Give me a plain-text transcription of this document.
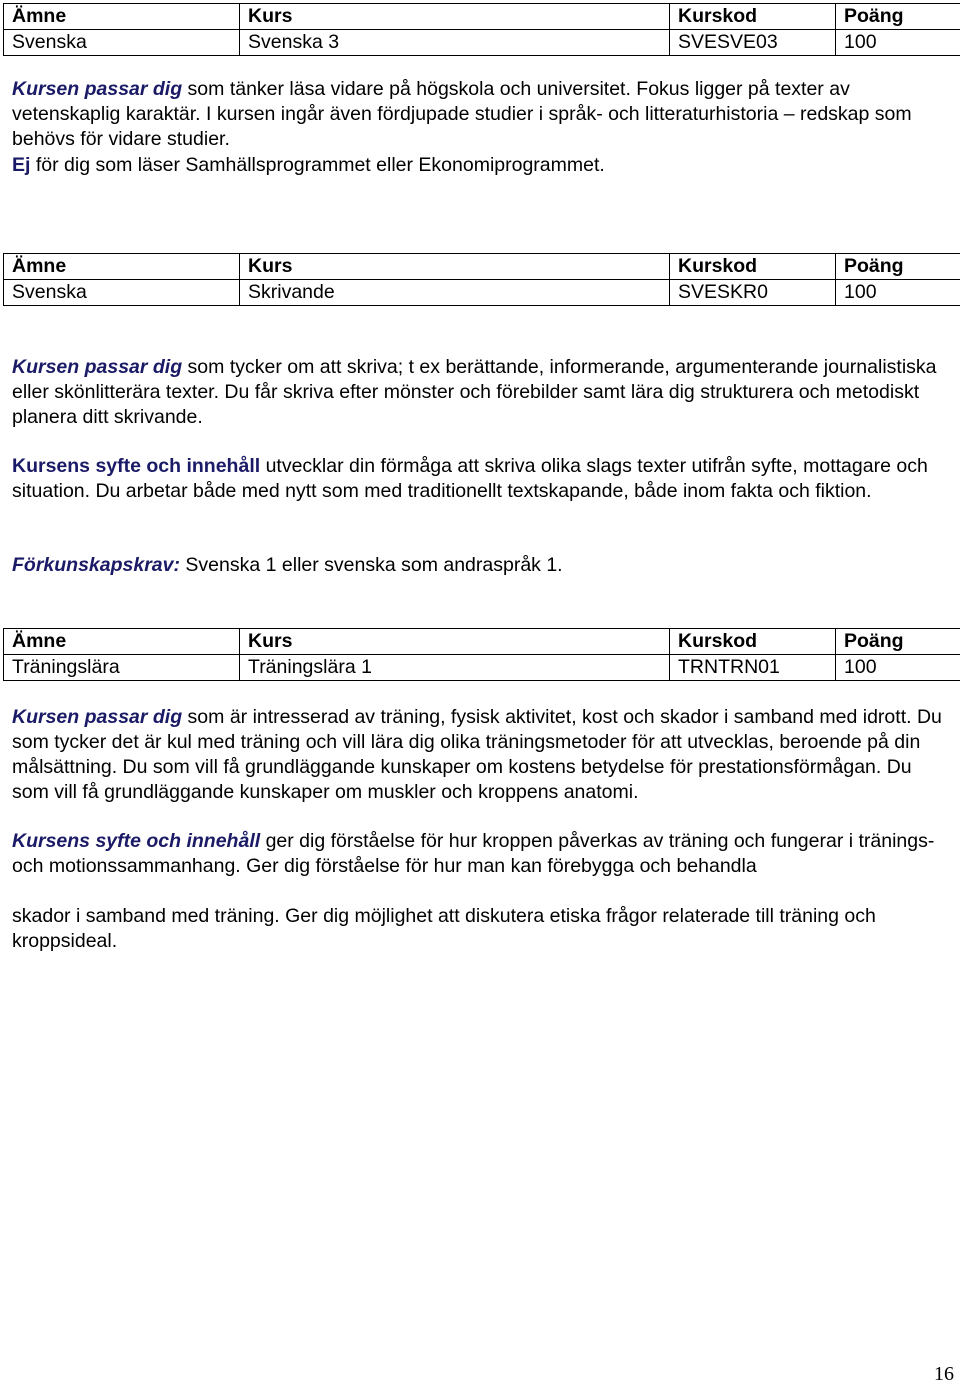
Ämne	Kurs	Kurskod	Poäng
Svenska	Svenska 3	SVESVE03	100

Kursen passar dig som tänker läsa vidare på högskola och universitet. Fokus ligger på texter av vetenskaplig karaktär. I kursen ingår även fördjupade studier i språk- och litteraturhistoria – redskap som behövs för vidare studier.

Ej för dig som läser Samhällsprogrammet eller Ekonomiprogrammet.

Ämne	Kurs	Kurskod	Poäng
Svenska	Skrivande	SVESKR0	100

Kursen passar dig som tycker om att skriva; t ex berättande, informerande, argumenterande journalistiska eller skönlitterära texter. Du får skriva efter mönster och förebilder samt lära dig strukturera och metodiskt planera ditt skrivande.

Kursens syfte och innehåll utvecklar din förmåga att skriva olika slags texter utifrån syfte, mottagare och situation. Du arbetar både med nytt som med traditionellt textskapande, både inom fakta och fiktion.

Förkunskapskrav: Svenska 1 eller svenska som andraspråk 1.

Ämne	Kurs	Kurskod	Poäng
Träningslära	Träningslära 1	TRNTRN01	100

Kursen passar dig som är intresserad av träning, fysisk aktivitet, kost och skador i samband med idrott. Du som tycker det är kul med träning och vill lära dig olika träningsmetoder för att utvecklas, beroende på din målsättning. Du som vill få grundläggande kunskaper om kostens betydelse för prestationsförmågan. Du som vill få grundläggande kunskaper om muskler och kroppens anatomi.

Kursens syfte och innehåll ger dig förståelse för hur kroppen påverkas av träning och fungerar i tränings- och motionssammanhang. Ger dig förståelse för hur man kan förebygga och behandla

skador i samband med träning. Ger dig möjlighet att diskutera etiska frågor relaterade till träning och kroppsideal.

16
